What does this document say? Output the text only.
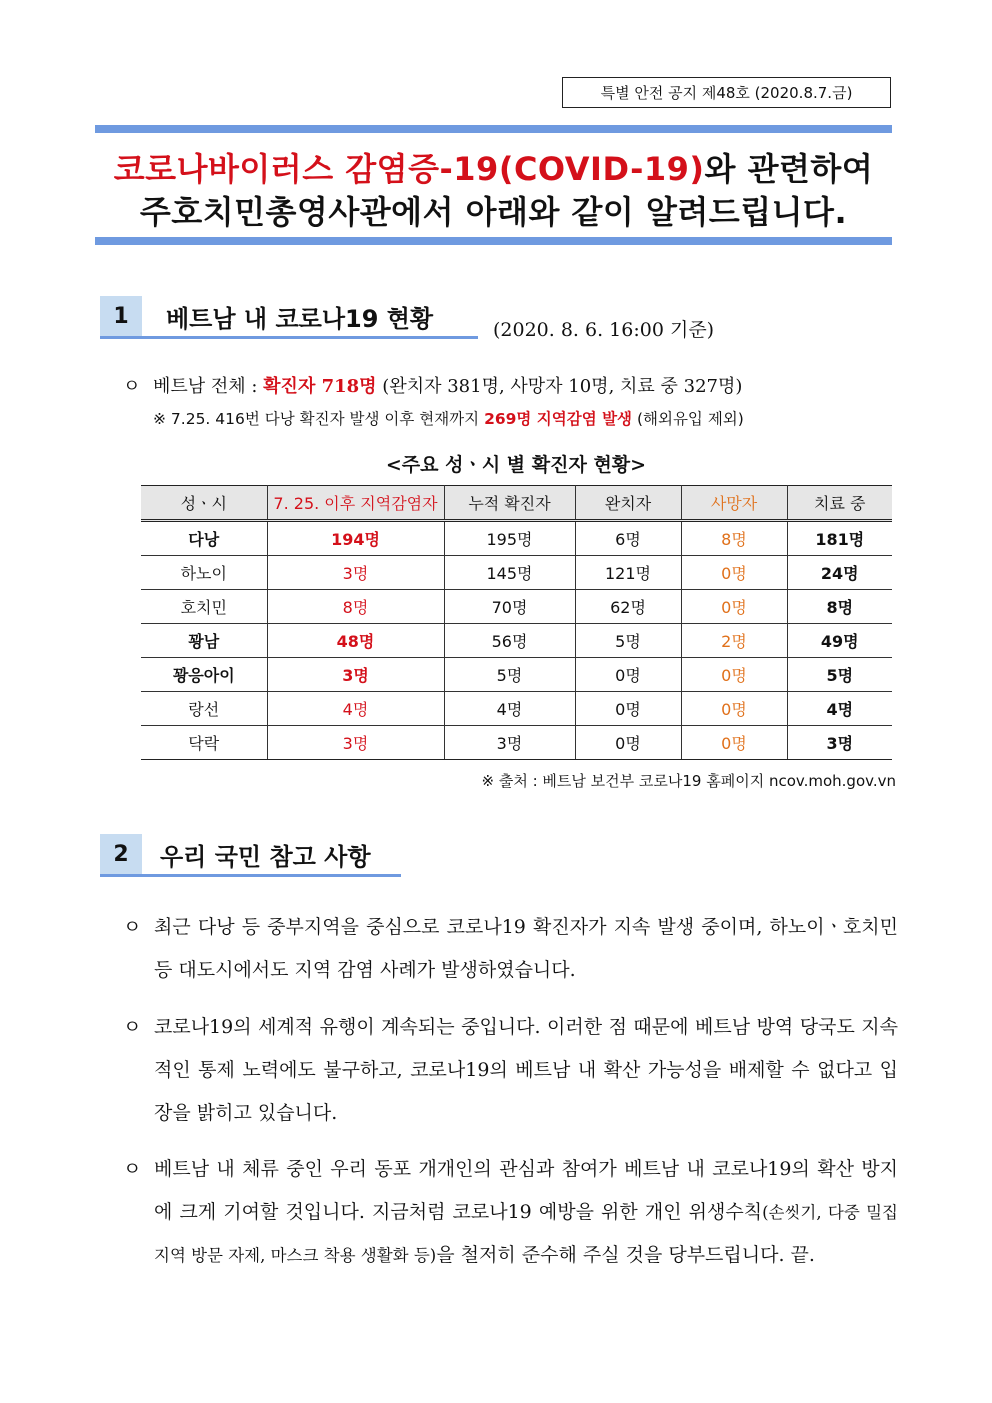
특별 안전 공지 제48호 (2020.8.7.금)
코로나바이러스 감염증-19(COVID-19)와 관련하여
주호치민총영사관에서 아래와 같이 알려드립니다.
1	베트남 내 코로나19 현황	(2020. 8. 6. 16:00 기준)
ㅇ 베트남 전체 : 확진자 718명 (완치자 381명, 사망자 10명, 치료 중 327명)
※ 7.25. 416번 다낭 확진자 발생 이후 현재까지 269명 지역감염 발생 (해외유입 제외)
<주요 성ㆍ시 별 확진자 현황>
성ㆍ시	7. 25. 이후 지역감염자	누적 확진자	완치자	사망자	치료 중
다낭	194명	195명	6명	8명	181명
하노이	3명	145명	121명	0명	24명
호치민	8명	70명	62명	0명	8명
꽝남	48명	56명	5명	2명	49명
꽝응아이	3명	5명	0명	0명	5명
랑선	4명	4명	0명	0명	4명
닥락	3명	3명	0명	0명	3명
※ 출처 : 베트남 보건부 코로나19 홈페이지 ncov.moh.gov.vn
2	우리 국민 참고 사항
ㅇ 최근 다낭 등 중부지역을 중심으로 코로나19 확진자가 지속 발생 중이며, 하노이ㆍ호치민 등 대도시에서도 지역 감염 사례가 발생하였습니다.
ㅇ 코로나19의 세계적 유행이 계속되는 중입니다. 이러한 점 때문에 베트남 방역 당국도 지속적인 통제 노력에도 불구하고, 코로나19의 베트남 내 확산 가능성을 배제할 수 없다고 입장을 밝히고 있습니다.
ㅇ 베트남 내 체류 중인 우리 동포 개개인의 관심과 참여가 베트남 내 코로나19의 확산 방지에 크게 기여할 것입니다. 지금처럼 코로나19 예방을 위한 개인 위생수칙(손씻기, 다중 밀집지역 방문 자제, 마스크 착용 생활화 등)을 철저히 준수해 주실 것을 당부드립니다. 끝.
